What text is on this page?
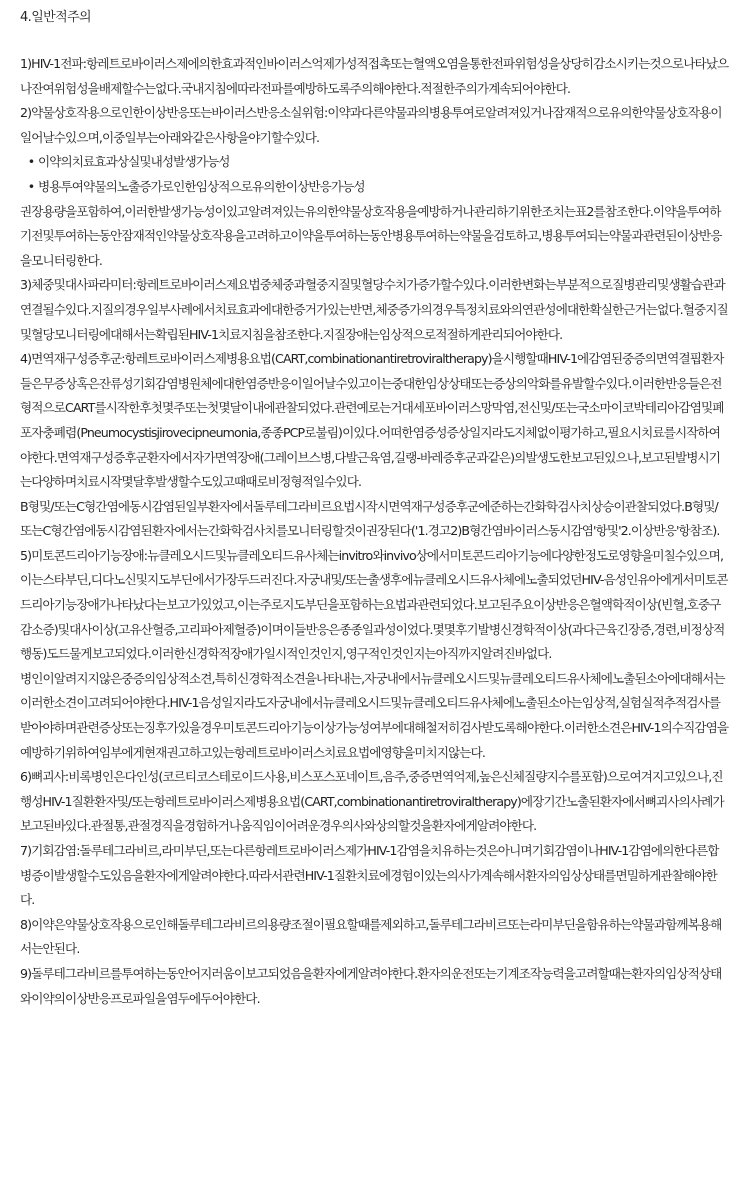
4.일반적주의

1)HIV-1전파:항레트로바이러스제에의한효과적인바이러스억제가성적접촉또는혈액오염을통한전파위험성을상당히감소시키는것으로나타났으나잔여위험성을배제할수는없다.국내지침에따라전파를예방하도록주의해야한다.적절한주의가계속되어야한다.

2)약물상호작용으로인한이상반응또는바이러스반응소실위험:이약과다른약물과의병용투여로알려져있거나잠재적으로유의한약물상호작용이일어날수있으며,이중일부는아래와같은사항을야기할수있다.

• 이약의치료효과상실및내성발생가능성
• 병용투여약물의노출증가로인한임상적으로유의한이상반응가능성

권장용량을포함하여,이러한발생가능성이있고알려져있는유의한약물상호작용을예방하거나관리하기위한조치는표2를참조한다.이약을투여하기전및투여하는동안잠재적인약물상호작용을고려하고이약을투여하는동안병용투여하는약물을검토하고,병용투여되는약물과관련된이상반응을모니터링한다.

3)체중및대사파라미터:항레트로바이러스제요법중체중과혈중지질및혈당수치가증가할수있다.이러한변화는부분적으로질병관리및생활습관과연결될수있다.지질의경우일부사례에서치료효과에대한증거가있는반면,체중증가의경우특정치료와의연관성에대한확실한근거는없다.혈중지질및혈당모니터링에대해서는확립된HIV-1치료지침을참조한다.지질장애는임상적으로적절하게관리되어야한다.

4)면역재구성증후군:항레트로바이러스제병용요법(CART,combinationantiretroviraltherapy)을시행할때HIV-1에감염된중증의면역결핍환자들은무증상혹은잔류성기회감염병원체에대한염증반응이일어날수있고이는중대한임상상태또는증상의악화를유발할수있다.이러한반응들은전형적으로CART를시작한후첫몇주또는첫몇달이내에관찰되었다.관련예로는거대세포바이러스망막염,전신및/또는국소마이코박테리아감염및폐포자충폐렴(Pneumocystisjirovecipneumonia,종종PCP로불림)이있다.어떠한염증성증상일지라도지체없이평가하고,필요시치료를시작하여야한다.면역재구성증후군환자에서자가면역장애(그레이브스병,다발근육염,길랭-바레증후군과같은)의발생도한보고된있으나,보고된발병시기는다양하며치료시작몇달후발생할수도있고때때로비정형적일수있다.

B형및/또는C형간염에동시감염된일부환자에서돌루테그라비르요법시작시면역재구성증후군에준하는간화학검사치상승이관찰되었다.B형및/또는C형간염에동시감염된환자에서는간화학검사치를모니터링할것이권장된다('1.경고2)B형간염바이러스동시감염'항및'2.이상반응'항참조).

5)미토콘드리아기능장애:뉴클레오시드및뉴클레오티드유사체는invitro와invivo상에서미토콘드리아기능에다양한정도로영향을미칠수있으며,이는스타부딘,디다노신및지도부딘에서가장두드러진다.자궁내및/또는출생후에뉴클레오시드유사체에노출되었던HIV-음성인유아에게서미토콘드리아기능장애가나타났다는보고가있었고,이는주로지도부딘을포함하는요법과관련되었다.보고된주요이상반응은혈액학적이상(빈혈,호중구감소증)및대사이상(고유산혈증,고리파아제혈증)이며이들반응은종종일과성이었다.몇몇후기발병신경학적이상(과다근육긴장증,경련,비정상적행동)도드물게보고되었다.이러한신경학적장애가일시적인것인지,영구적인것인지는아직까지알려진바없다.

병인이알려지지않은중증의임상적소견,특히신경학적소견을나타내는,자궁내에서뉴클레오시드및뉴클레오티드유사체에노출된소아에대해서는이러한소견이고려되어야한다.HIV-1음성일지라도자궁내에서뉴클레오시드및뉴클레오티드유사체에노출된소아는임상적,실험실적추적검사를받아야하며관련증상또는징후가있을경우미토콘드리아기능이상가능성여부에대해철저히검사받도록해야한다.이러한소견은HIV-1의수직감염을예방하기위하여임부에게현재권고하고있는항레트로바이러스치료요법에영향을미치지않는다.

6)뼈괴사:비록병인은다인성(코르티코스테로이드사용,비스포스포네이트,음주,중증면역억제,높은신체질량지수를포함)으로여겨지고있으나,진행성HIV-1질환환자및/또는항레트로바이러스제병용요법(CART,combinationantiretroviraltherapy)에장기간노출된환자에서뼈괴사의사례가보고된바있다.관절통,관절경직을경험하거나움직임이어려운경우의사와상의할것을환자에게알려야한다.

7)기회감염:돌루테그라비르,라미부딘,또는다른항레트로바이러스제가HIV-1감염을치유하는것은아니며기회감염이나HIV-1감염에의한다른합병증이발생할수도있음을환자에게알려야한다.따라서관련HIV-1질환치료에경험이있는의사가계속해서환자의임상상태를면밀하게관찰해야한다.

8)이약은약물상호작용으로인해돌루테그라비르의용량조절이필요할때를제외하고,돌루테그라비르또는라미부딘을함유하는약물과함께복용해서는안된다.

9)돌루테그라비르를투여하는동안어지러움이보고되었음을환자에게알려야한다.환자의운전또는기계조작능력을고려할때는환자의임상적상태와이약의이상반응프로파일을염두에두어야한다.
